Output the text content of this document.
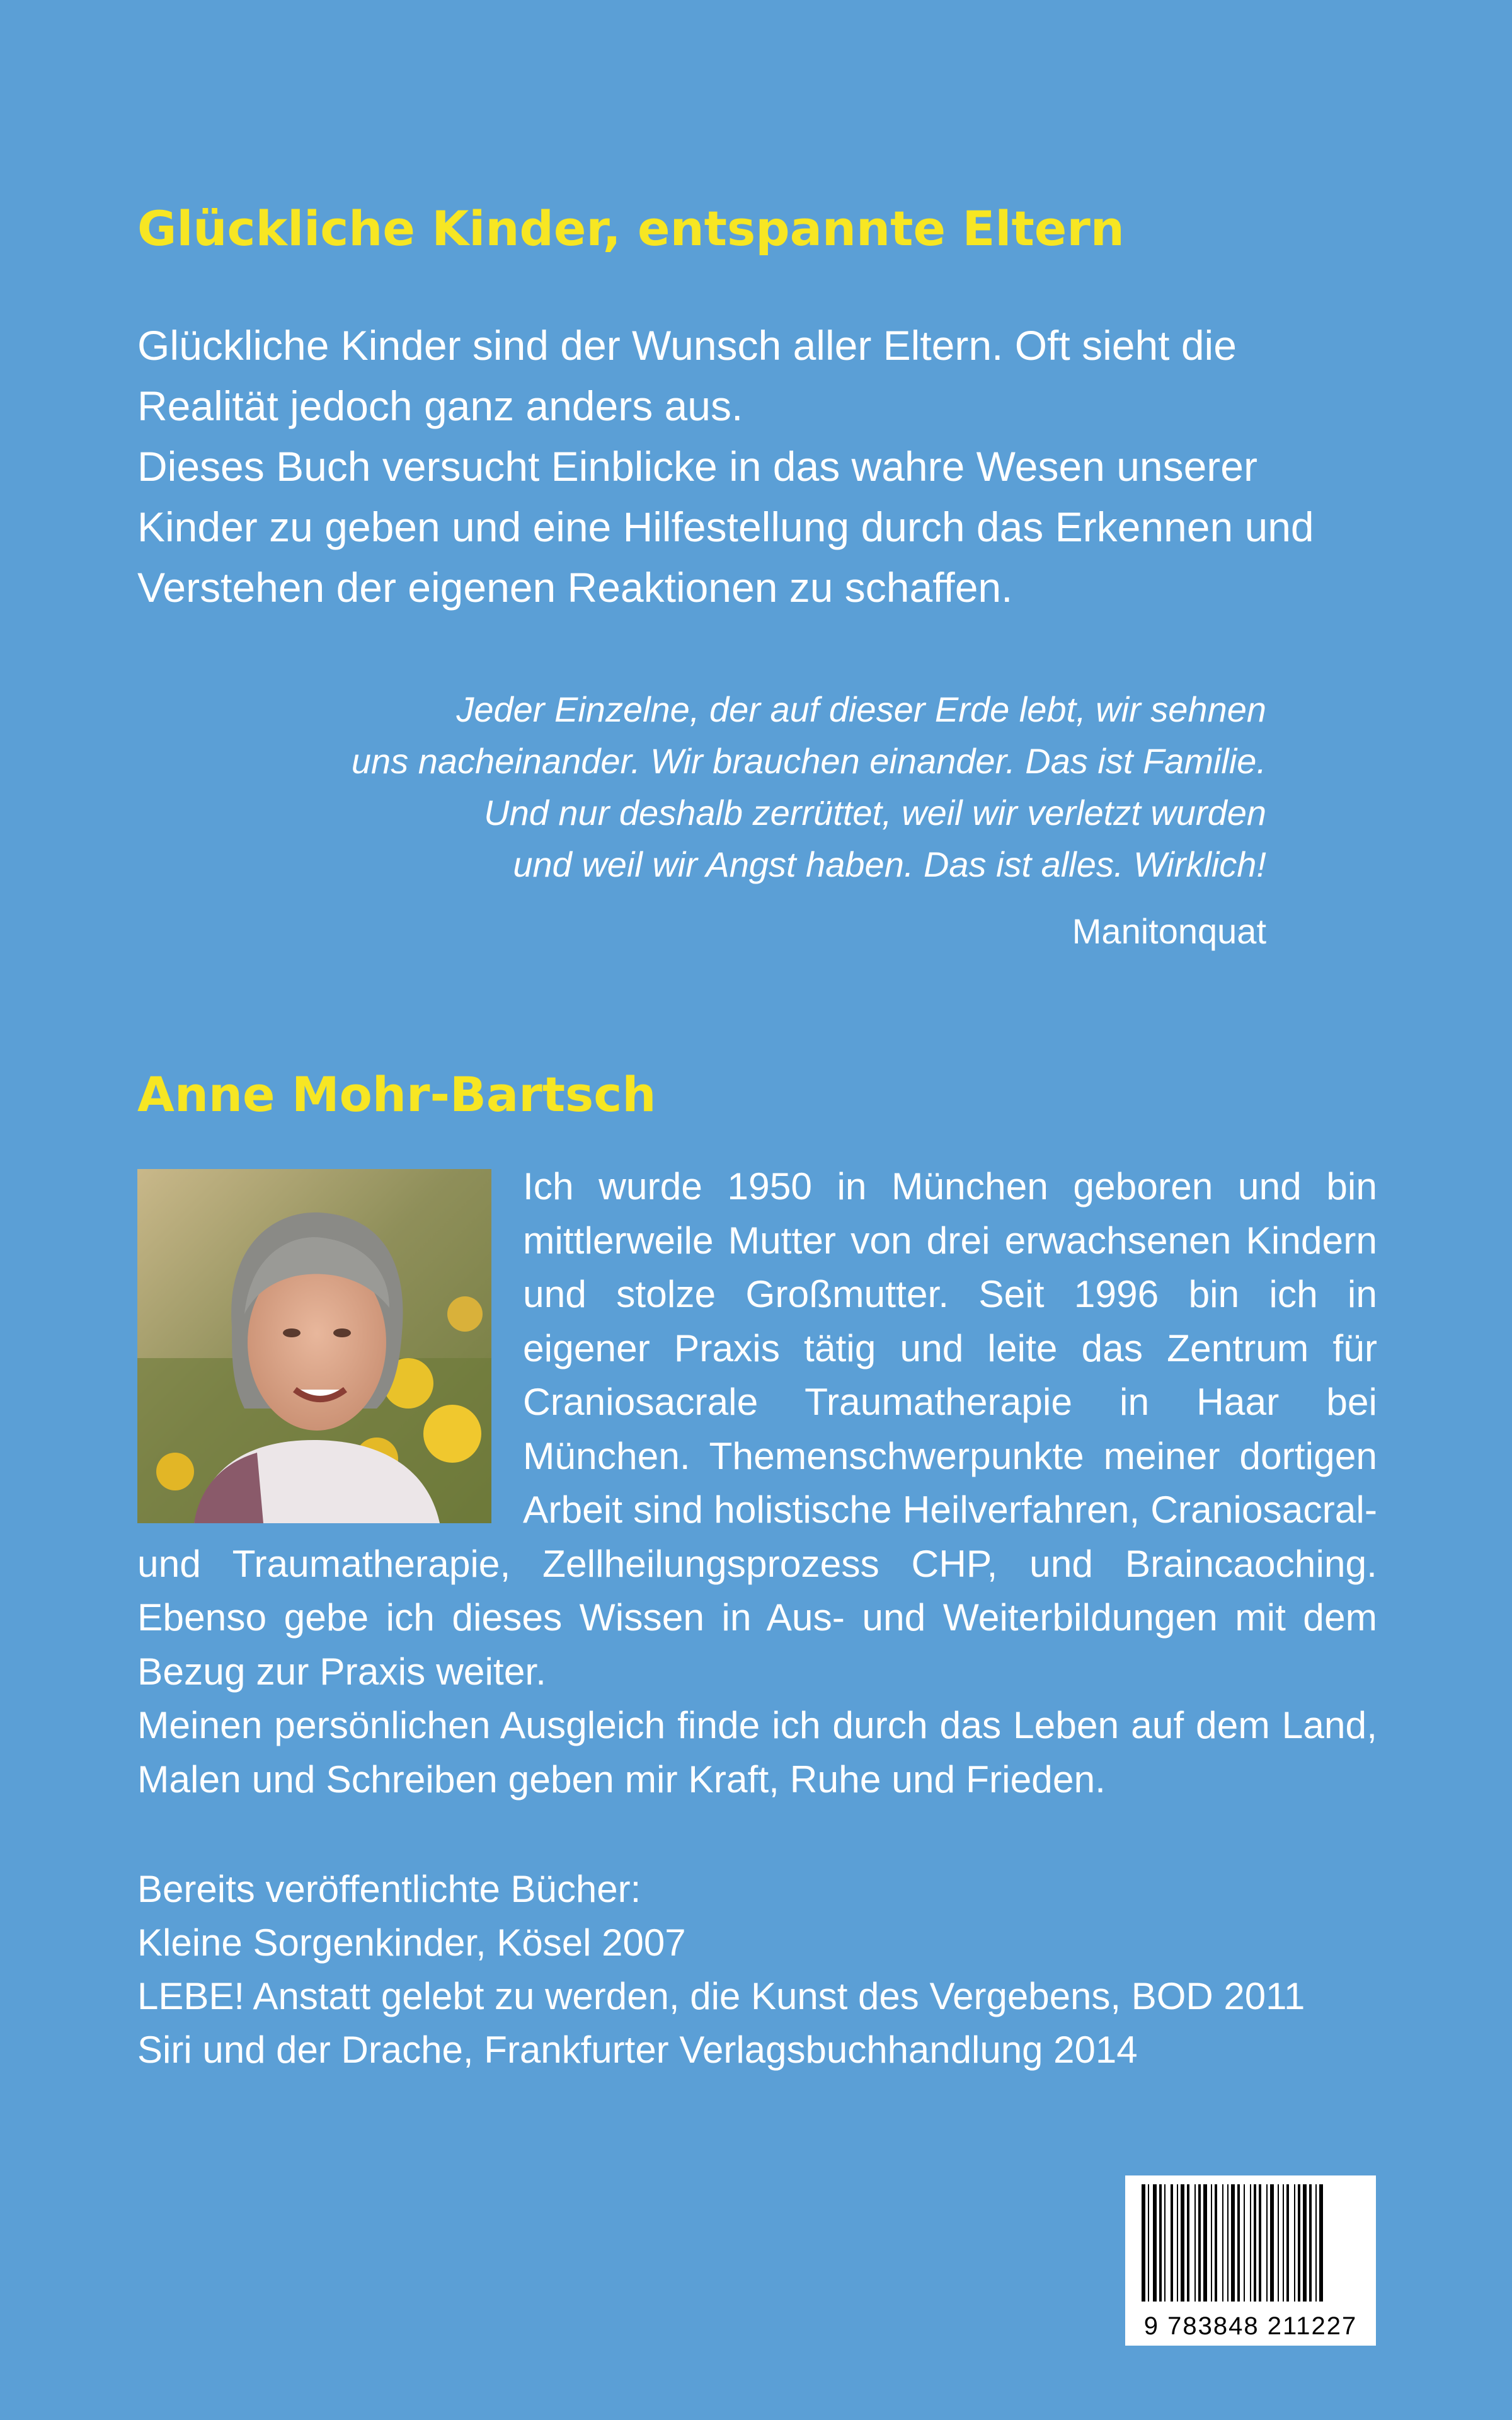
Glückliche Kinder, entspannte Eltern

Glückliche Kinder sind der Wunsch aller Eltern. Oft sieht die Realität jedoch ganz anders aus.

Dieses Buch versucht Einblicke in das wahre Wesen unserer Kinder zu geben und eine Hilfestellung durch das Erkennen und Verstehen der eigenen Reaktionen zu schaffen.

Jeder Einzelne, der auf dieser Erde lebt, wir sehnen
uns nacheinander. Wir brauchen einander. Das ist Familie.
Und nur deshalb zerrüttet, weil wir verletzt wurden
und weil wir Angst haben. Das ist alles. Wirklich!
Manitonquat
Anne Mohr-Bartsch

Ich wurde 1950 in München geboren und bin mittlerweile Mutter von drei erwachsenen Kindern und stolze Großmutter. Seit 1996 bin ich in eigener Praxis tätig und leite das Zentrum für Craniosacrale Traumatherapie in Haar bei München. Themenschwerpunkte meiner dortigen Arbeit sind holistische Heilverfahren, Craniosacral- und Traumatherapie, Zellheilungsprozess CHP, und Braincaoching. Ebenso gebe ich dieses Wissen in Aus- und Weiterbildungen mit dem Bezug zur Praxis weiter.

Meinen persönlichen Ausgleich finde ich durch das Leben auf dem Land, Malen und Schreiben geben mir Kraft, Ruhe und Frieden.

Bereits veröffentlichte Bücher:
Kleine Sorgenkinder, Kösel 2007
LEBE! Anstatt gelebt zu werden, die Kunst des Vergebens, BOD 2011
Siri und der Drache, Frankfurter Verlagsbuchhandlung 2014
9 783848 211227
